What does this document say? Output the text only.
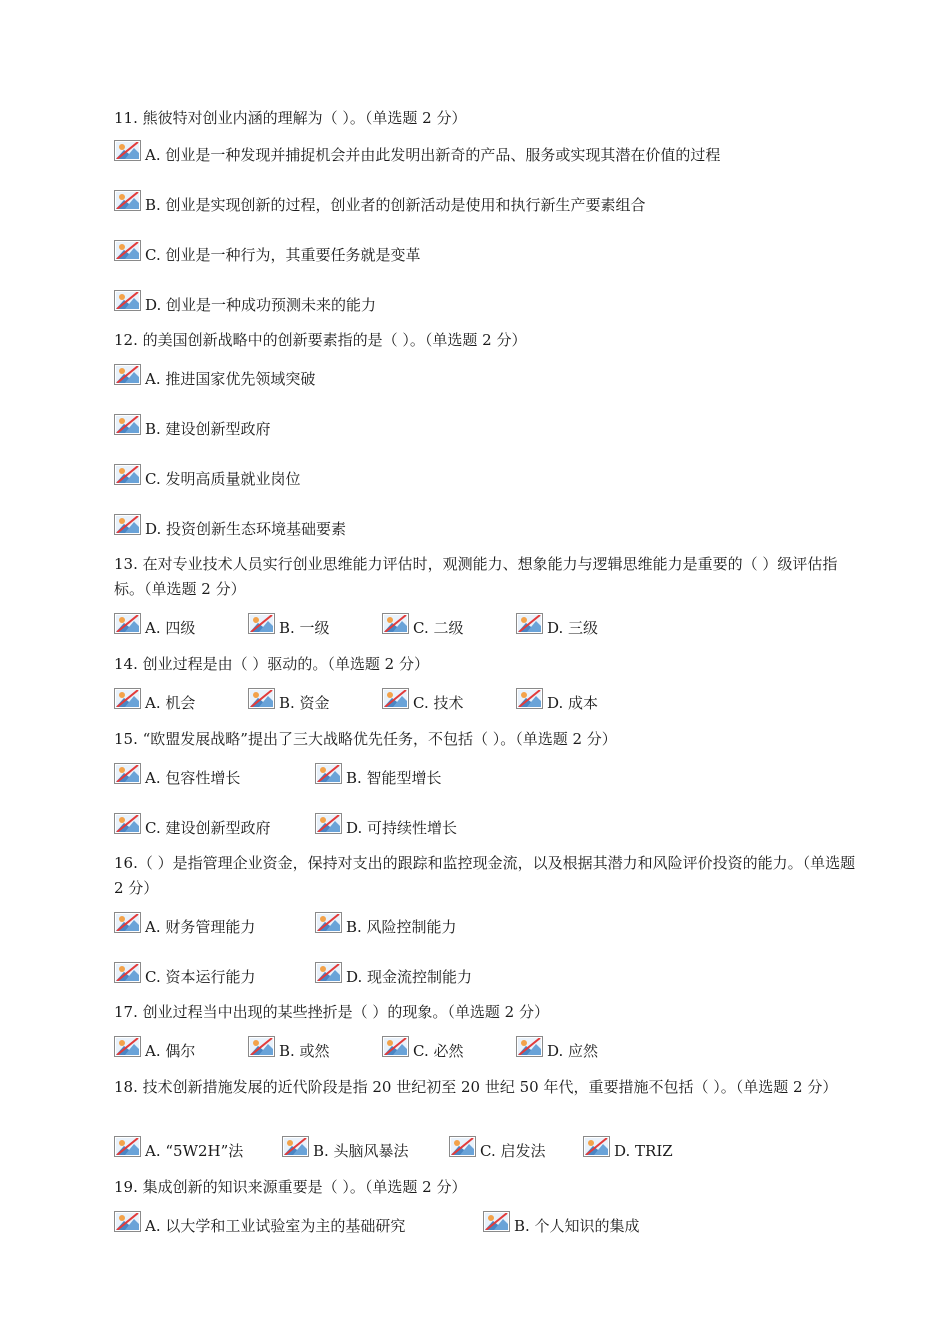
11. 熊彼特对创业内涵的理解为（ ）。（单选题 2 分）
A. 创业是一种发现并捕捉机会并由此发明出新奇的产品、服务或实现其潜在价值的过程
B. 创业是实现创新的过程，创业者的创新活动是使用和执行新生产要素组合
C. 创业是一种行为，其重要任务就是变革
D. 创业是一种成功预测未来的能力
12. 的美国创新战略中的创新要素指的是（ ）。（单选题 2 分）
A. 推进国家优先领域突破
B. 建设创新型政府
C. 发明高质量就业岗位
D. 投资创新生态环境基础要素
13. 在对专业技术人员实行创业思维能力评估时，观测能力、想象能力与逻辑思维能力是重要的（ ）级评估指标。（单选题 2 分）
A. 四级	B. 一级	C. 二级	D. 三级
14. 创业过程是由（ ）驱动的。（单选题 2 分）
A. 机会	B. 资金	C. 技术	D. 成本
15. “欧盟发展战略”提出了三大战略优先任务，不包括（ ）。（单选题 2 分）
A. 包容性增长	B. 智能型增长
C. 建设创新型政府	D. 可持续性增长
16.（ ）是指管理企业资金，保持对支出的跟踪和监控现金流，以及根据其潜力和风险评价投资的能力。（单选题 2 分）
A. 财务管理能力	B. 风险控制能力
C. 资本运行能力	D. 现金流控制能力
17. 创业过程当中出现的某些挫折是（ ）的现象。（单选题 2 分）
A. 偶尔	B. 或然	C. 必然	D. 应然
18. 技术创新措施发展的近代阶段是指 20 世纪初至 20 世纪 50 年代，重要措施不包括（ ）。（单选题 2 分）
A. “5W2H”法	B. 头脑风暴法	C. 启发法	D. TRIZ
19. 集成创新的知识来源重要是（ ）。（单选题 2 分）
A. 以大学和工业试验室为主的基础研究	B. 个人知识的集成
